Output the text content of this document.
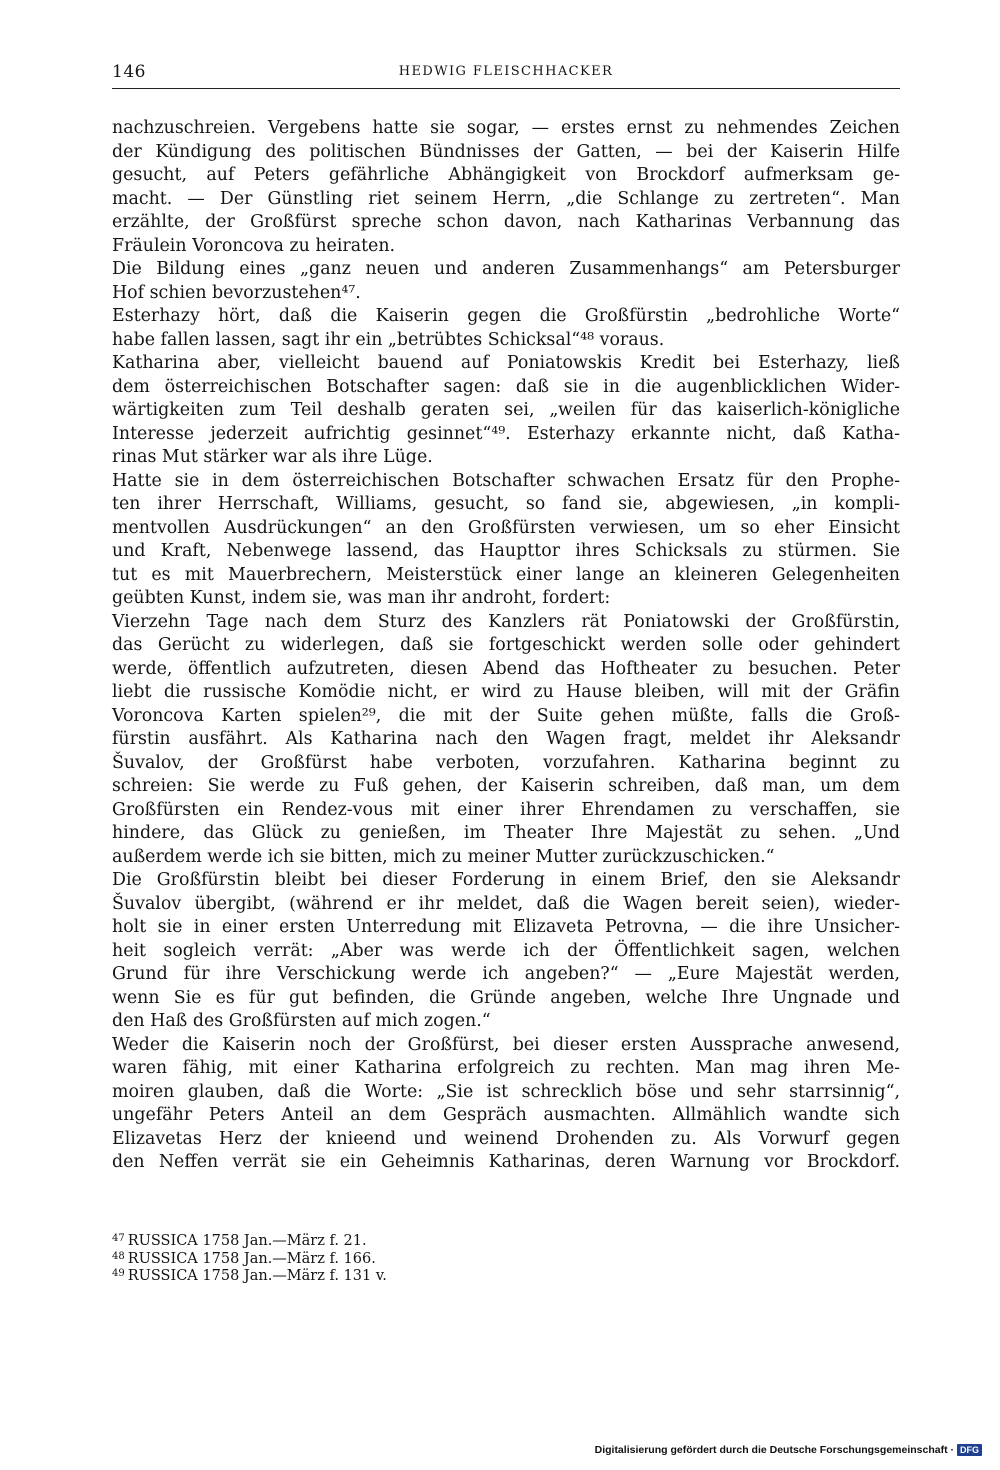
146	HEDWIG FLEISCHHACKER
nachzuschreien. Vergebens hatte sie sogar, — erstes ernst zu nehmendes Zeichen
der Kündigung des politischen Bündnisses der Gatten, — bei der Kaiserin Hilfe
gesucht, auf Peters gefährliche Abhängigkeit von Brockdorf aufmerksam ge-
macht. — Der Günstling riet seinem Herrn, „die Schlange zu zertreten“. Man
erzählte, der Großfürst spreche schon davon, nach Katharinas Verbannung das
Fräulein Voroncova zu heiraten.
Die Bildung eines „ganz neuen und anderen Zusammenhangs“ am Petersburger
Hof schien bevorzustehen⁴⁷.
Esterhazy hört, daß die Kaiserin gegen die Großfürstin „bedrohliche Worte“
habe fallen lassen, sagt ihr ein „betrübtes Schicksal“⁴⁸ voraus.
Katharina aber, vielleicht bauend auf Poniatowskis Kredit bei Esterhazy, ließ
dem österreichischen Botschafter sagen: daß sie in die augenblicklichen Wider-
wärtigkeiten zum Teil deshalb geraten sei, „weilen für das kaiserlich-königliche
Interesse jederzeit aufrichtig gesinnet“⁴⁹. Esterhazy erkannte nicht, daß Katha-
rinas Mut stärker war als ihre Lüge.
Hatte sie in dem österreichischen Botschafter schwachen Ersatz für den Prophe-
ten ihrer Herrschaft, Williams, gesucht, so fand sie, abgewiesen, „in kompli-
mentvollen Ausdrückungen“ an den Großfürsten verwiesen, um so eher Einsicht
und Kraft, Nebenwege lassend, das Haupttor ihres Schicksals zu stürmen. Sie
tut es mit Mauerbrechern, Meisterstück einer lange an kleineren Gelegenheiten
geübten Kunst, indem sie, was man ihr androht, fordert:
Vierzehn Tage nach dem Sturz des Kanzlers rät Poniatowski der Großfürstin,
das Gerücht zu widerlegen, daß sie fortgeschickt werden solle oder gehindert
werde, öffentlich aufzutreten, diesen Abend das Hoftheater zu besuchen. Peter
liebt die russische Komödie nicht, er wird zu Hause bleiben, will mit der Gräfin
Voroncova Karten spielen²⁹, die mit der Suite gehen müßte, falls die Groß-
fürstin ausfährt. Als Katharina nach den Wagen fragt, meldet ihr Aleksandr
Šuvalov, der Großfürst habe verboten, vorzufahren. Katharina beginnt zu
schreien: Sie werde zu Fuß gehen, der Kaiserin schreiben, daß man, um dem
Großfürsten ein Rendez-vous mit einer ihrer Ehrendamen zu verschaffen, sie
hindere, das Glück zu genießen, im Theater Ihre Majestät zu sehen. „Und
außerdem werde ich sie bitten, mich zu meiner Mutter zurückzuschicken.“
Die Großfürstin bleibt bei dieser Forderung in einem Brief, den sie Aleksandr
Šuvalov übergibt, (während er ihr meldet, daß die Wagen bereit seien), wieder-
holt sie in einer ersten Unterredung mit Elizaveta Petrovna, — die ihre Unsicher-
heit sogleich verrät: „Aber was werde ich der Öffentlichkeit sagen, welchen
Grund für ihre Verschickung werde ich angeben?“ — „Eure Majestät werden,
wenn Sie es für gut befinden, die Gründe angeben, welche Ihre Ungnade und
den Haß des Großfürsten auf mich zogen.“
Weder die Kaiserin noch der Großfürst, bei dieser ersten Aussprache anwesend,
waren fähig, mit einer Katharina erfolgreich zu rechten. Man mag ihren Me-
moiren glauben, daß die Worte: „Sie ist schrecklich böse und sehr starrsinnig“,
ungefähr Peters Anteil an dem Gespräch ausmachten. Allmählich wandte sich
Elizavetas Herz der knieend und weinend Drohenden zu. Als Vorwurf gegen
den Neffen verrät sie ein Geheimnis Katharinas, deren Warnung vor Brockdorf.
$^{47}$ RUSSICA 1758 Jan.—März f. 21.
$^{48}$ RUSSICA 1758 Jan.—März f. 166.
$^{49}$ RUSSICA 1758 Jan.—März f. 131 v.
Digitalisierung gefördert durch die Deutsche Forschungsgemeinschaft · DFG
